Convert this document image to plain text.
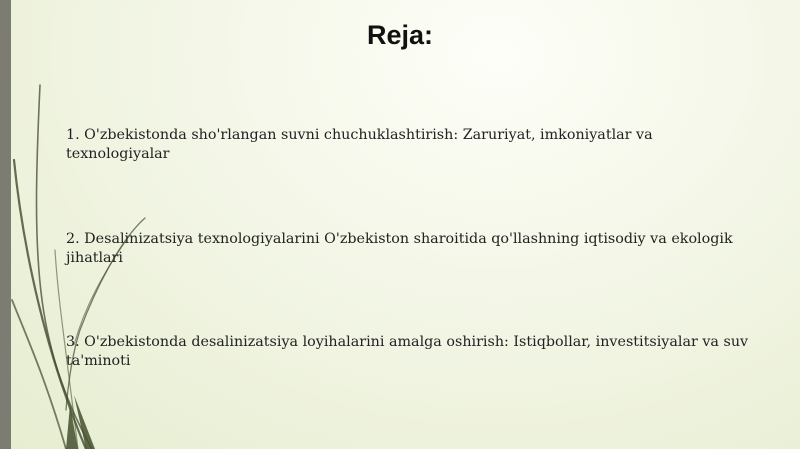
Reja:
1. O'zbekistonda sho'rlangan suvni chuchuklashtirish: Zaruriyat, imkoniyatlar va texnologiyalar
2. Desalinizatsiya texnologiyalarini O'zbekiston sharoitida qo'llashning iqtisodiy va ekologik jihatlari
3. O'zbekistonda desalinizatsiya loyihalarini amalga oshirish: Istiqbollar, investitsiyalar va suv ta'minoti
